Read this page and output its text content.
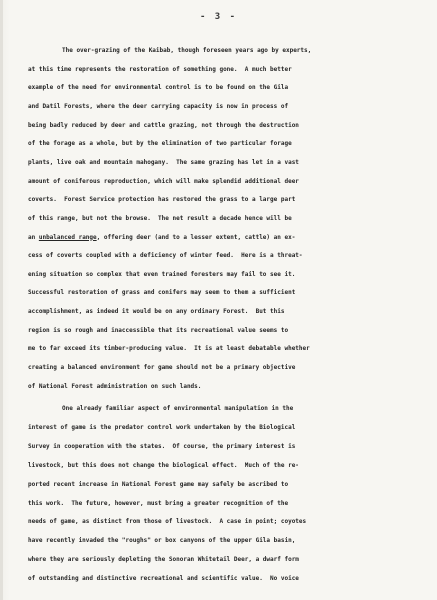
- 3 -
The over-grazing of the Kaibab, though foreseen years ago by experts,
at this time represents the restoration of something gone.  A much better
example of the need for environmental control is to be found on the Gila
and Datil Forests, where the deer carrying capacity is now in process of
being badly reduced by deer and cattle grazing, not through the destruction
of the forage as a whole, but by the elimination of two particular forage
plants, live oak and mountain mahogany.  The same grazing has let in a vast
amount of coniferous reproduction, which will make splendid additional deer
coverts.  Forest Service protection has restored the grass to a large part
of this range, but not the browse.  The net result a decade hence will be
an unbalanced range, offering deer (and to a lesser extent, cattle) an ex-
cess of coverts coupled with a deficiency of winter feed.  Here is a threat-
ening situation so complex that even trained foresters may fail to see it.
Successful restoration of grass and conifers may seem to them a sufficient
accomplishment, as indeed it would be on any ordinary Forest.  But this
region is so rough and inaccessible that its recreational value seems to
me to far exceed its timber-producing value.  It is at least debatable whether
creating a balanced environment for game should not be a primary objective
of National Forest administration on such lands.
One already familiar aspect of environmental manipulation in the
interest of game is the predator control work undertaken by the Biological
Survey in cooperation with the states.  Of course, the primary interest is
livestock, but this does not change the biological effect.  Much of the re-
ported recent increase in National Forest game may safely be ascribed to
this work.  The future, however, must bring a greater recognition of the
needs of game, as distinct from those of livestock.  A case in point; coyotes
have recently invaded the "roughs" or box canyons of the upper Gila basin,
where they are seriously depleting the Sonoran Whitetail Deer, a dwarf form
of outstanding and distinctive recreational and scientific value.  No voice
